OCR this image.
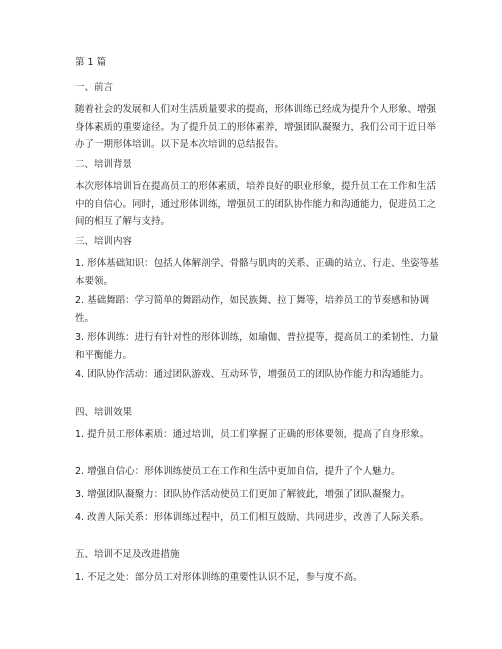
第 1 篇

一、前言

随着社会的发展和人们对生活质量要求的提高，形体训练已经成为提升个人形象、增强身体素质的重要途径。为了提升员工的形体素养，增强团队凝聚力，我们公司于近日举办了一期形体培训。以下是本次培训的总结报告。

二、培训背景

本次形体培训旨在提高员工的形体素质，培养良好的职业形象，提升员工在工作和生活中的自信心。同时，通过形体训练，增强员工的团队协作能力和沟通能力，促进员工之间的相互了解与支持。

三、培训内容

1. 形体基础知识：包括人体解剖学、骨骼与肌肉的关系、正确的站立、行走、坐姿等基本要领。

2. 基础舞蹈：学习简单的舞蹈动作，如民族舞、拉丁舞等，培养员工的节奏感和协调性。

3. 形体训练：进行有针对性的形体训练，如瑜伽、普拉提等，提高员工的柔韧性、力量和平衡能力。

4. 团队协作活动：通过团队游戏、互动环节，增强员工的团队协作能力和沟通能力。

四、培训效果

1. 提升员工形体素质：通过培训，员工们掌握了正确的形体要领，提高了自身形象。

2. 增强自信心：形体训练使员工在工作和生活中更加自信，提升了个人魅力。

3. 增强团队凝聚力：团队协作活动使员工们更加了解彼此，增强了团队凝聚力。

4. 改善人际关系：形体训练过程中，员工们相互鼓励、共同进步，改善了人际关系。

五、培训不足及改进措施

1. 不足之处：部分员工对形体训练的重要性认识不足，参与度不高。
